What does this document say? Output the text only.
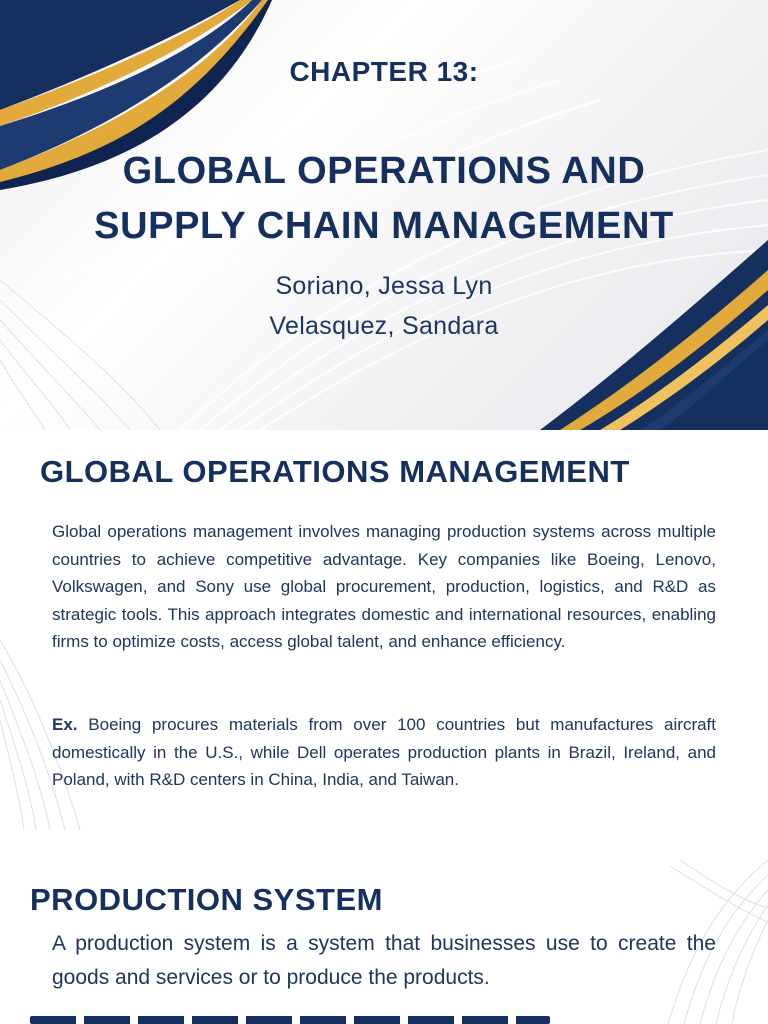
CHAPTER 13:
GLOBAL OPERATIONS AND
SUPPLY CHAIN MANAGEMENT
Soriano, Jessa Lyn
Velasquez, Sandara
GLOBAL OPERATIONS MANAGEMENT
Global operations management involves managing production systems across multiple countries to achieve competitive advantage. Key companies like Boeing, Lenovo, Volkswagen, and Sony use global procurement, production, logistics, and R&D as strategic tools. This approach integrates domestic and international resources, enabling firms to optimize costs, access global talent, and enhance efficiency.
Ex. Boeing procures materials from over 100 countries but manufactures aircraft domestically in the U.S., while Dell operates production plants in Brazil, Ireland, and Poland, with R&D centers in China, India, and Taiwan.
PRODUCTION SYSTEM
A production system is a system that businesses use to create the goods and services or to produce the products.
